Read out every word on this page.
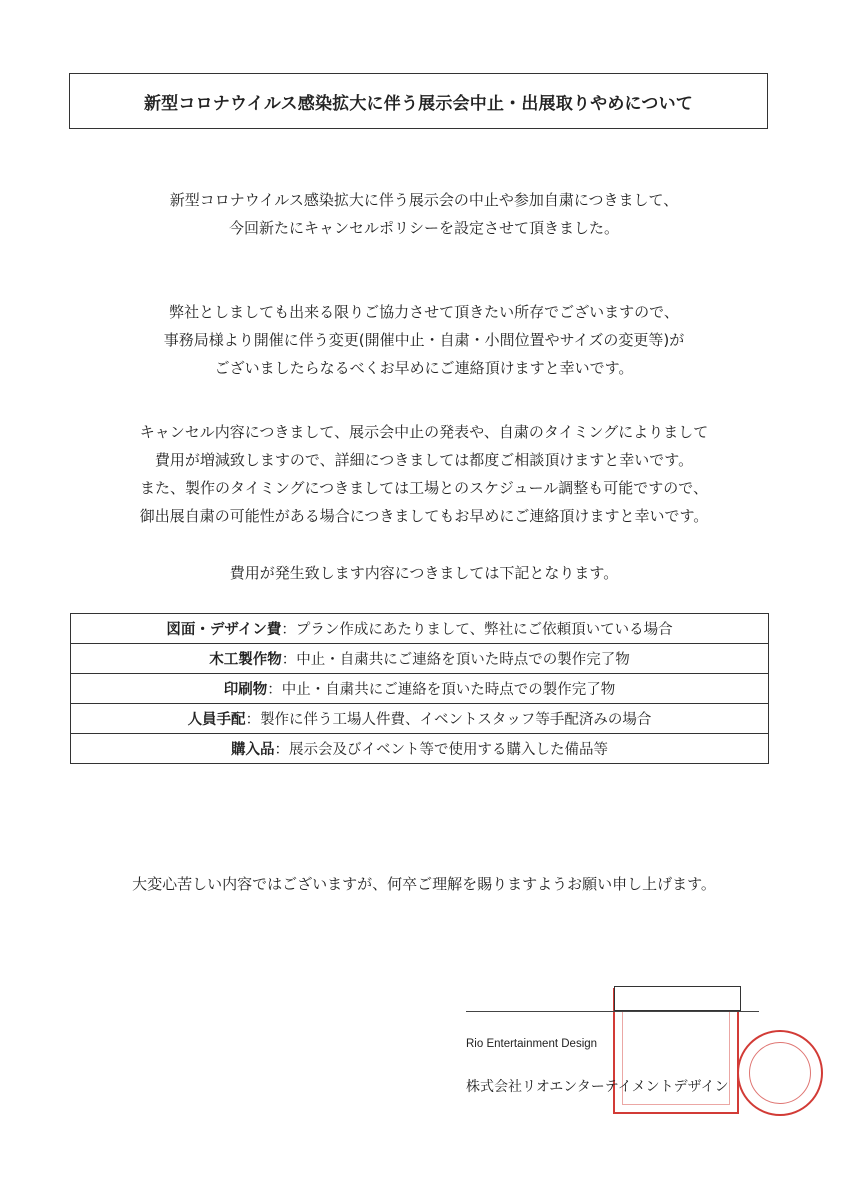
新型コロナウイルス感染拡大に伴う展示会中止・出展取りやめについて
新型コロナウイルス感染拡大に伴う展示会の中止や参加自粛につきまして、
今回新たにキャンセルポリシーを設定させて頂きました。
弊社としましても出来る限りご協力させて頂きたい所存でございますので、
事務局様より開催に伴う変更(開催中止・自粛・小間位置やサイズの変更等)が
ございましたらなるべくお早めにご連絡頂けますと幸いです。
キャンセル内容につきまして、展示会中止の発表や、自粛のタイミングによりまして
費用が増減致しますので、詳細につきましては都度ご相談頂けますと幸いです。
また、製作のタイミングにつきましては工場とのスケジュール調整も可能ですので、
御出展自粛の可能性がある場合につきましてもお早めにご連絡頂けますと幸いです。
費用が発生致します内容につきましては下記となります。
図面・デザイン費 ： プラン作成にあたりまして、弊社にご依頼頂いている場合
木工製作物 ： 中止・自粛共にご連絡を頂いた時点での製作完了物
印刷物 ： 中止・自粛共にご連絡を頂いた時点での製作完了物
人員手配 ： 製作に伴う工場人件費、イベントスタッフ等手配済みの場合
購入品 ： 展示会及びイベント等で使用する購入した備品等
大変心苦しい内容ではございますが、何卒ご理解を賜りますようお願い申し上げます。
Rio Entertainment Design
株式会社リオエンターテイメントデザイン
